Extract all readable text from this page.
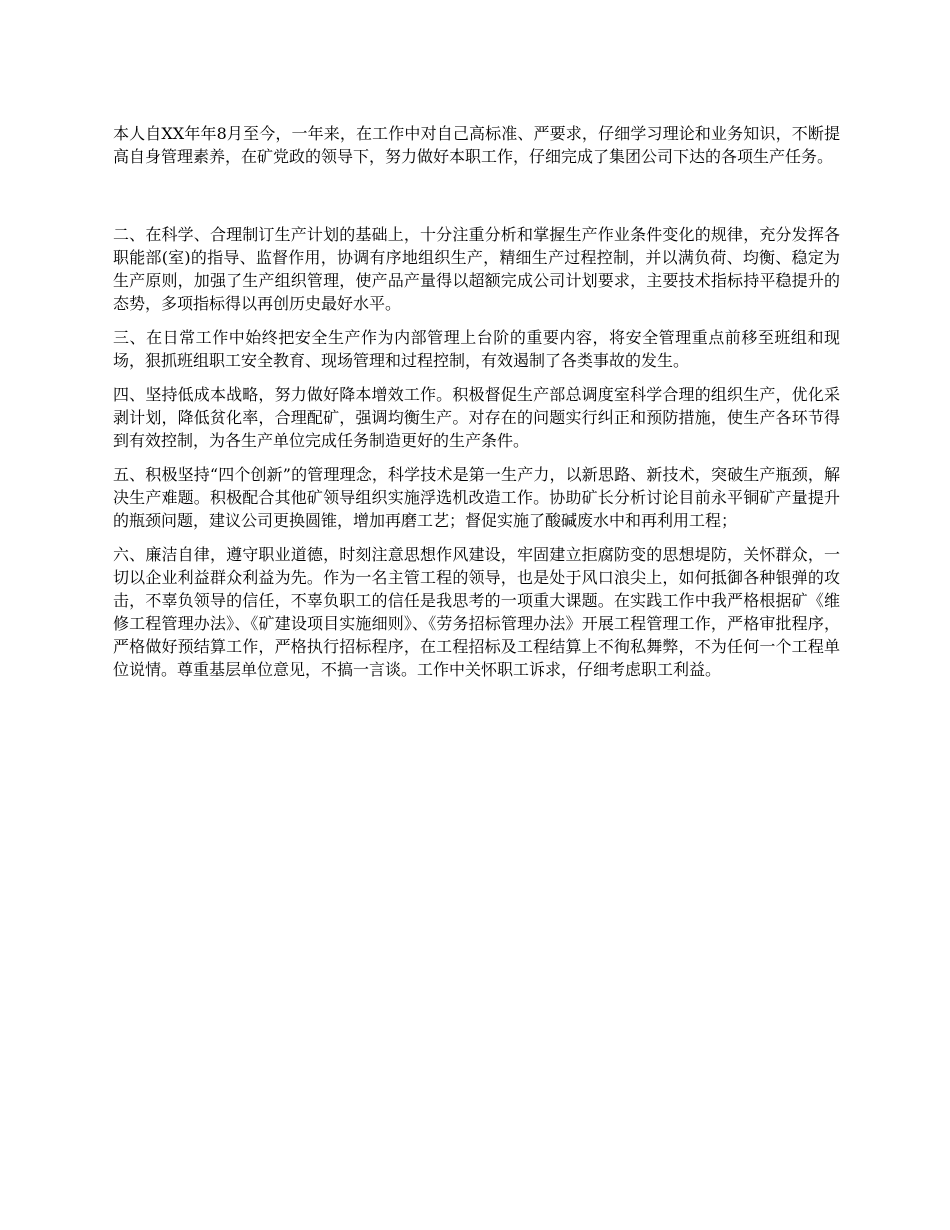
本人自XX年年8月至今，一年来，在工作中对自己高标准、严要求，仔细学习理论和业务知识，不断提高自身管理素养，在矿党政的领导下，努力做好本职工作，仔细完成了集团公司下达的各项生产任务。

二、在科学、合理制订生产计划的基础上，十分注重分析和掌握生产作业条件变化的规律，充分发挥各职能部(室)的指导、监督作用，协调有序地组织生产，精细生产过程控制，并以满负荷、均衡、稳定为生产原则，加强了生产组织管理，使产品产量得以超额完成公司计划要求，主要技术指标持平稳提升的态势，多项指标得以再创历史最好水平。

三、在日常工作中始终把安全生产作为内部管理上台阶的重要内容，将安全管理重点前移至班组和现场，狠抓班组职工安全教育、现场管理和过程控制，有效遏制了各类事故的发生。

四、坚持低成本战略，努力做好降本增效工作。积极督促生产部总调度室科学合理的组织生产，优化采剥计划，降低贫化率，合理配矿，强调均衡生产。对存在的问题实行纠正和预防措施，使生产各环节得到有效控制，为各生产单位完成任务制造更好的生产条件。

五、积极坚持“四个创新”的管理理念，科学技术是第一生产力，以新思路、新技术，突破生产瓶颈，解决生产难题。积极配合其他矿领导组织实施浮选机改造工作。协助矿长分析讨论目前永平铜矿产量提升的瓶颈问题，建议公司更换圆锥，增加再磨工艺；督促实施了酸碱废水中和再利用工程；

六、廉洁自律，遵守职业道德，时刻注意思想作风建设，牢固建立拒腐防变的思想堤防，关怀群众，一切以企业利益群众利益为先。作为一名主管工程的领导，也是处于风口浪尖上，如何抵御各种银弹的攻击，不辜负领导的信任，不辜负职工的信任是我思考的一项重大课题。在实践工作中我严格根据矿《维修工程管理办法》、《矿建设项目实施细则》、《劳务招标管理办法》开展工程管理工作，严格审批程序，严格做好预结算工作，严格执行招标程序，在工程招标及工程结算上不徇私舞弊，不为任何一个工程单位说情。尊重基层单位意见，不搞一言谈。工作中关怀职工诉求，仔细考虑职工利益。
